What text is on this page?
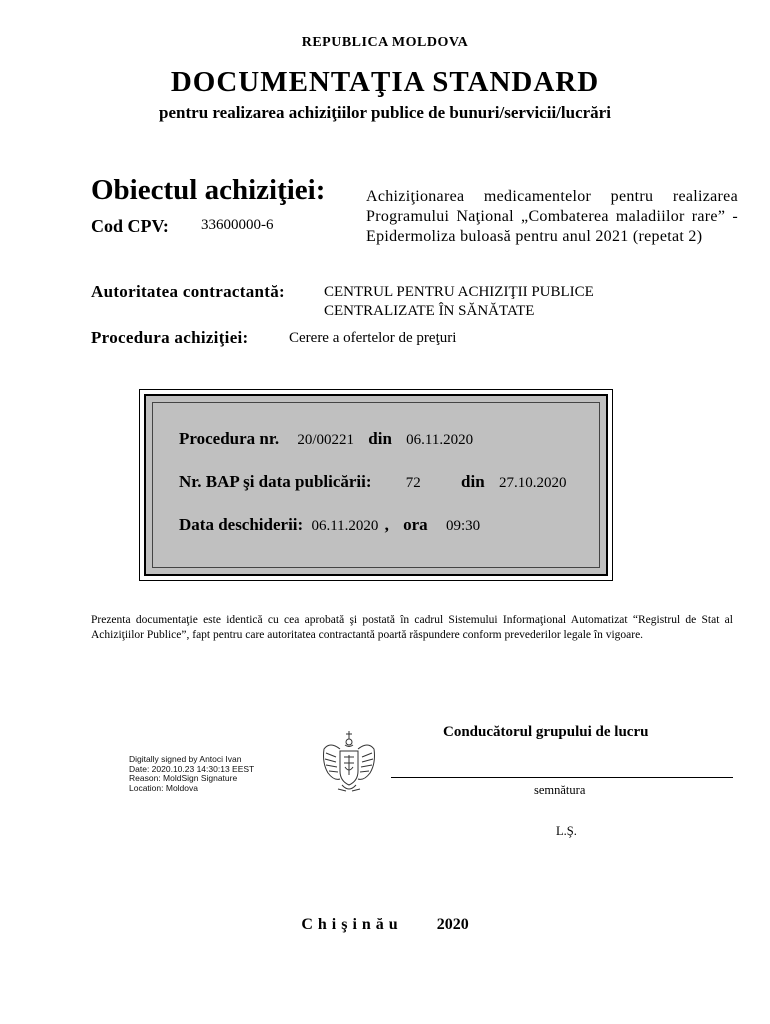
REPUBLICA MOLDOVA
DOCUMENTAŢIA STANDARD
pentru realizarea achiziţiilor publice de bunuri/servicii/lucrări
Obiectul achiziţiei:	Achiziţionarea medicamentelor pentru realizarea Programului Naţional „Combaterea maladiilor rare” - Epidermoliza buloasă pentru anul 2021 (repetat 2)
Cod CPV: 33600000-6
Autoritatea contractantă:	CENTRUL PENTRU ACHIZIŢII PUBLICE
CENTRALIZATE ÎN SĂNĂTATE
Procedura achiziţiei:	Cerere a ofertelor de preţuri
Procedura nr. 20/00221 din 06.11.2020
Nr. BAP şi data publicării: 72 din 27.10.2020
Data deschiderii: 06.11.2020 , ora 09:30
Prezenta documentaţie este identică cu cea aprobată şi postată în cadrul Sistemului Informaţional Automatizat “Registrul de Stat al Achiziţiilor Publice”, fapt pentru care autoritatea contractantă poartă răspundere conform prevederilor legale în vigoare.
Digitally signed by Antoci Ivan
Date: 2020.10.23 14:30:13 EEST
Reason: MoldSign Signature
Location: Moldova
Conducătorul grupului de lucru
semnătura
L.Ş.
Chişinău 2020
